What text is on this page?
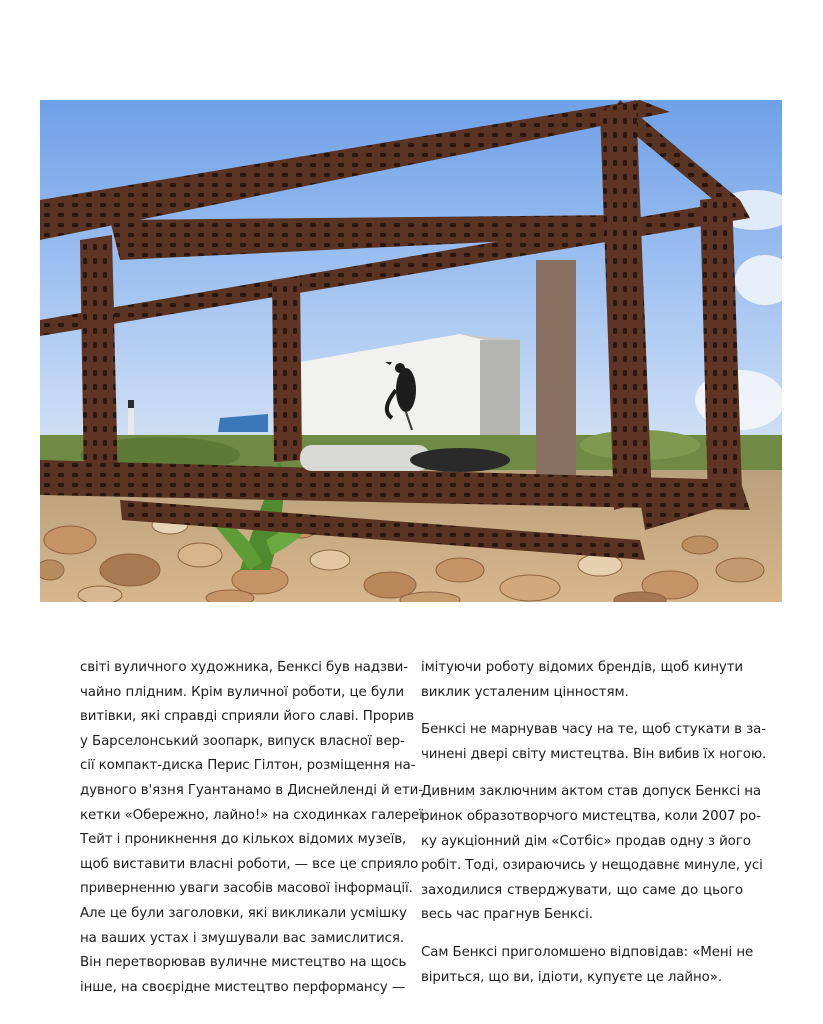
світі вуличного художника, Бенксі був надзви-
чайно плідним. Крім вуличної роботи, це були
витівки, які справді сприяли його славі. Прорив
у Барселонський зоопарк, випуск власної вер-
сії компакт-диска Перис Гілтон, розміщення на-
дувного в'язня Гуантанамо в Диснейленді й ети-
кетки «Обережно, лайно!» на сходинках галереї
Тейт і проникнення до кількох відомих музеїв,
щоб виставити власні роботи, — все це сприяло
приверненню уваги засобів масової інформації.
Але це були заголовки, які викликали усмішку
на ваших устах і змушували вас замислитися.
Він перетворював вуличне мистецтво на щось
інше, на своєрідне мистецтво перформансу —

імітуючи роботу відомих брендів, щоб кинути
виклик усталеним цінностям.

Бенксі не марнував часу на те, щоб стукати в за-
чинені двері світу мистецтва. Він вибив їх ногою.

Дивним заключним актом став допуск Бенксі на
ринок образотворчого мистецтва, коли 2007 ро-
ку аукціонний дім «Сотбіс» продав одну з його
робіт. Тоді, озираючись у нещодавнє минуле, усі
заходилися стверджувати, що саме до цього
весь час прагнув Бенксі.

Сам Бенксі приголомшено відповідав: «Мені не
віриться, що ви, ідіоти, купуєте це лайно».
